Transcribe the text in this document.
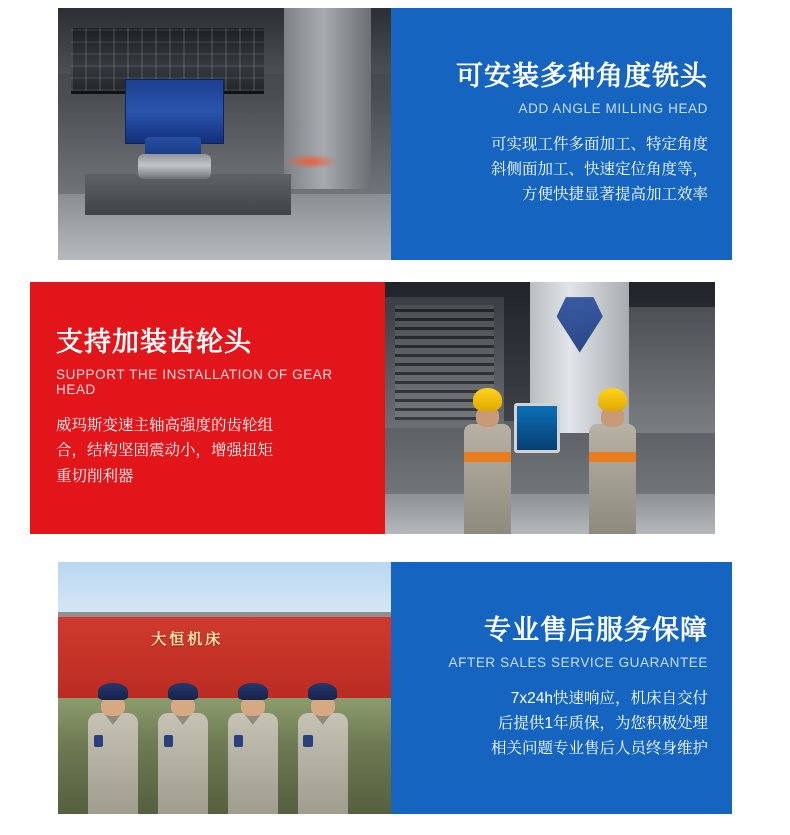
可安装多种角度铣头
ADD ANGLE MILLING HEAD
可实现工件多面加工、特定角度
斜侧面加工、快速定位角度等，
方便快捷显著提高加工效率
支持加装齿轮头
SUPPORT THE INSTALLATION OF GEAR HEAD
威玛斯变速主轴高强度的齿轮组
合，结构坚固震动小，增强扭矩
重切削利器
大恒机床	专业售后服务保障
AFTER SALES SERVICE GUARANTEE
7x24h快速响应，机床自交付
后提供1年质保，为您积极处理
相关问题专业售后人员终身维护
